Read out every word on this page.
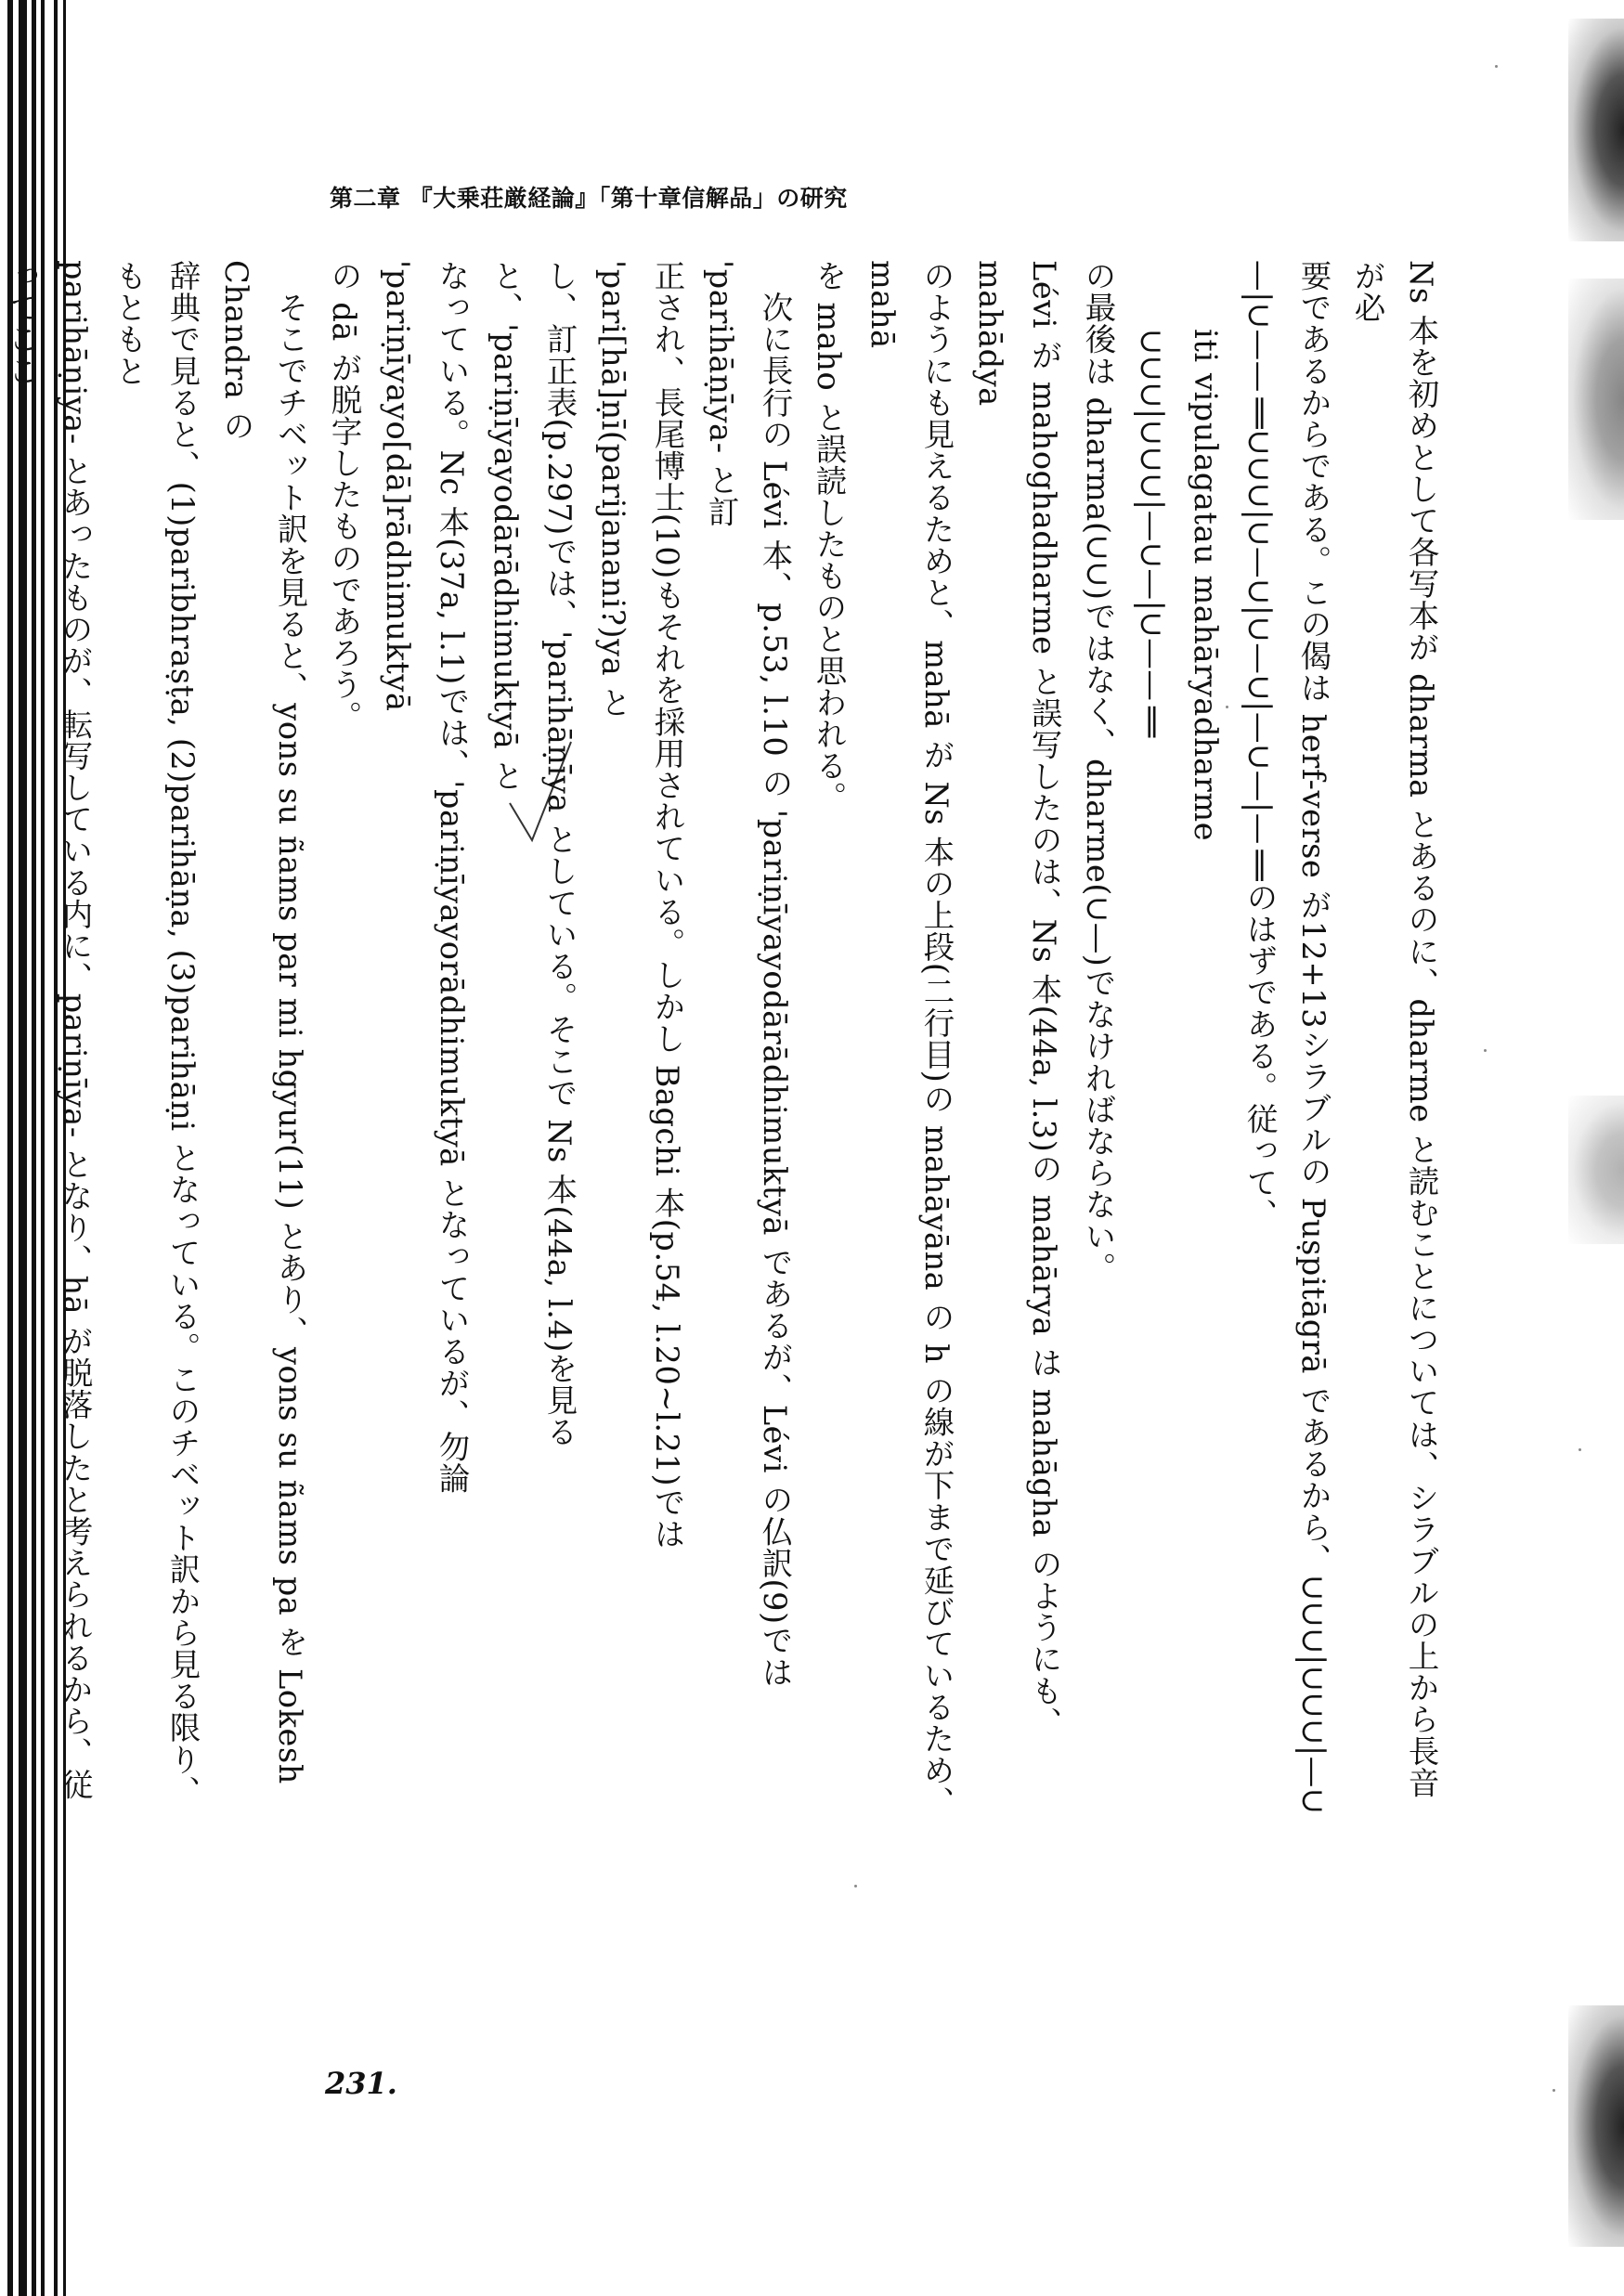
第二章 『大乗荘厳経論』「第十章信解品」の研究

Ns 本を初めとして各写本が dharma とあるのに、dharme と読むことについては、シラブルの上から長音が必

要であるからである。この偈は herf-verse が12+13シラブルの Puṣpitāgrā であるから、∪∪∪|∪∪∪|—∪

—|∪——‖∪∪∪|∪—∪|∪—∪|—∪—|—‖のはずである。従って、

iti vipulagatau mahāryadharme

∪∪∪|∪∪∪|—∪—|∪——‖

の最後は dharma(∪∪)ではなく、dharme(∪—)でなければならない。

Lévi が mahoghadharme と誤写したのは、Ns 本(44a, l.3)の mahārya は mahāgha のようにも、mahādya

のようにも見えるためと、mahā が Ns 本の上段(二行目)の mahāyāna の h の線が下まで延びているため、mahā

を maho と誤読したものと思われる。

次に長行の Lévi 本、p.53, l.10 の 'pariṇīyayodārādhimuktyā であるが、Lévi の仏訳(9)では 'parihāṇīya- と訂

正され、長尾博士(10)もそれを採用されている。しかし Bagchi 本(p.54, l.20~l.21)では 'pari[hā]ṇī(parijanani?)ya と

し、訂正表(p.297)では、'parihāṇīya としている。そこで Ns 本(44a, l.4)を見ると、'pariṇīyayodārādhimuktyā と

なっている。Nc 本(37a, l.1)では、'pariṇīyayorādhimuktyā となっているが、勿論 'pariṇīyayo[dā]rādhimuktyā

の dā が脱字したものであろう。

そこでチベット訳を見ると、yons su ñams par mi hgyur(11) とあり、yons su ñams pa を Lokesh Chandra の

辞典で見ると、(1)paribhraṣṭa, (2)parihāṇa, (3)parihāṇi となっている。このチベット訳から見る限り、もともと

parihāṇiya- とあったものが、転写している内に、pariṇīya- となり、hā が脱落したと考えられるから、従ってここ

231.
